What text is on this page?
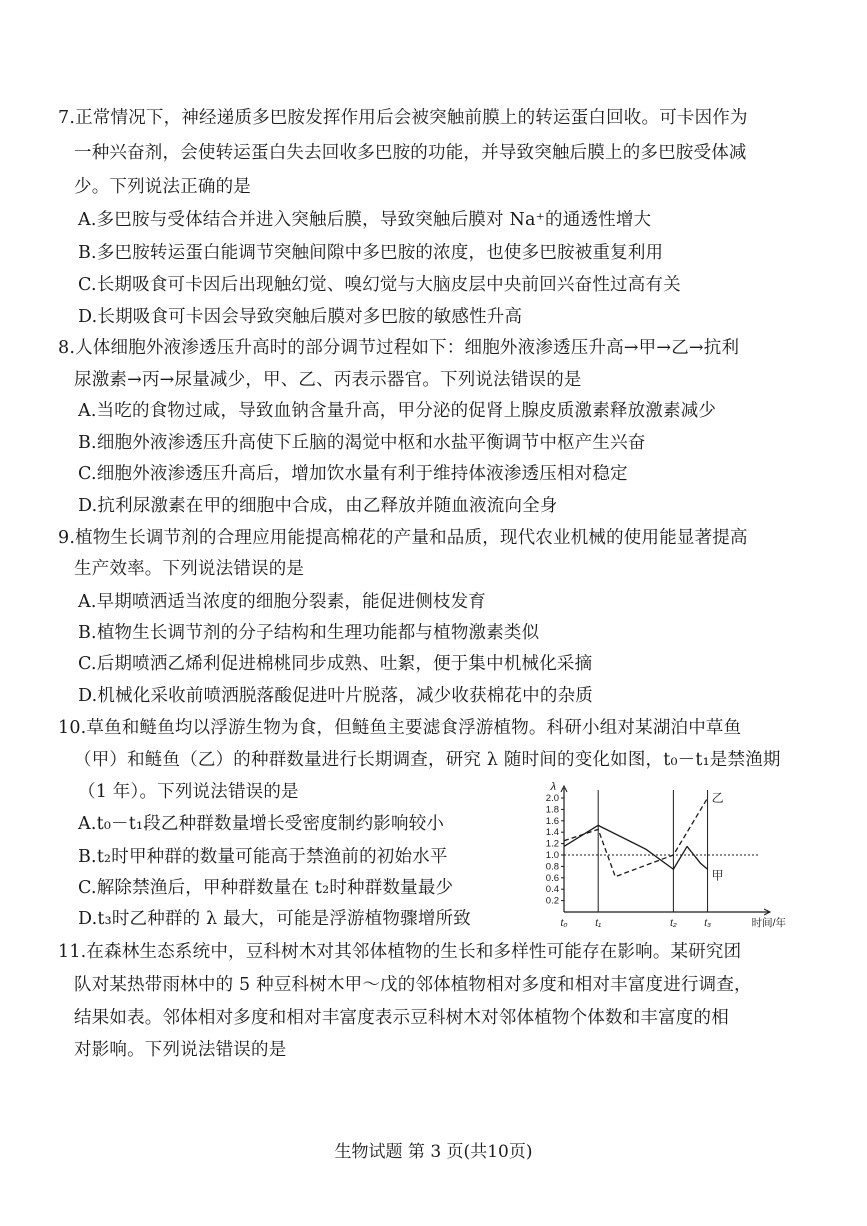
7.正常情况下，神经递质多巴胺发挥作用后会被突触前膜上的转运蛋白回收。可卡因作为
一种兴奋剂，会使转运蛋白失去回收多巴胺的功能，并导致突触后膜上的多巴胺受体减
少。下列说法正确的是
A.多巴胺与受体结合并进入突触后膜，导致突触后膜对 Na⁺的通透性增大
B.多巴胺转运蛋白能调节突触间隙中多巴胺的浓度，也使多巴胺被重复利用
C.长期吸食可卡因后出现触幻觉、嗅幻觉与大脑皮层中央前回兴奋性过高有关
D.长期吸食可卡因会导致突触后膜对多巴胺的敏感性升高
8.人体细胞外液渗透压升高时的部分调节过程如下：细胞外液渗透压升高→甲→乙→抗利
尿激素→丙→尿量减少，甲、乙、丙表示器官。下列说法错误的是
A.当吃的食物过咸，导致血钠含量升高，甲分泌的促肾上腺皮质激素释放激素减少
B.细胞外液渗透压升高使下丘脑的渴觉中枢和水盐平衡调节中枢产生兴奋
C.细胞外液渗透压升高后，增加饮水量有利于维持体液渗透压相对稳定
D.抗利尿激素在甲的细胞中合成，由乙释放并随血液流向全身
9.植物生长调节剂的合理应用能提高棉花的产量和品质，现代农业机械的使用能显著提高
生产效率。下列说法错误的是
A.早期喷洒适当浓度的细胞分裂素，能促进侧枝发育
B.植物生长调节剂的分子结构和生理功能都与植物激素类似
C.后期喷洒乙烯利促进棉桃同步成熟、吐絮，便于集中机械化采摘
D.机械化采收前喷洒脱落酸促进叶片脱落，减少收获棉花中的杂质
10.草鱼和鲢鱼均以浮游生物为食，但鲢鱼主要滤食浮游植物。科研小组对某湖泊中草鱼
（甲）和鲢鱼（乙）的种群数量进行长期调查，研究 λ 随时间的变化如图，t₀－t₁是禁渔期
（1 年）。下列说法错误的是
A.t₀－t₁段乙种群数量增长受密度制约影响较小
B.t₂时甲种群的数量可能高于禁渔前的初始水平
C.解除禁渔后，甲种群数量在 t₂时种群数量最少
D.t₃时乙种群的 λ 最大，可能是浮游植物骤增所致
2.0
1.8
1.6
1.4
1.2
1.0
0.8
0.6
0.4
0.2
λ
t₀	t₁	t₂	t₃	时间/年
乙
甲
11.在森林生态系统中，豆科树木对其邻体植物的生长和多样性可能存在影响。某研究团
队对某热带雨林中的 5 种豆科树木甲～戊的邻体植物相对多度和相对丰富度进行调查，
结果如表。邻体相对多度和相对丰富度表示豆科树木对邻体植物个体数和丰富度的相
对影响。下列说法错误的是
生物试题 第 3 页(共10页)
